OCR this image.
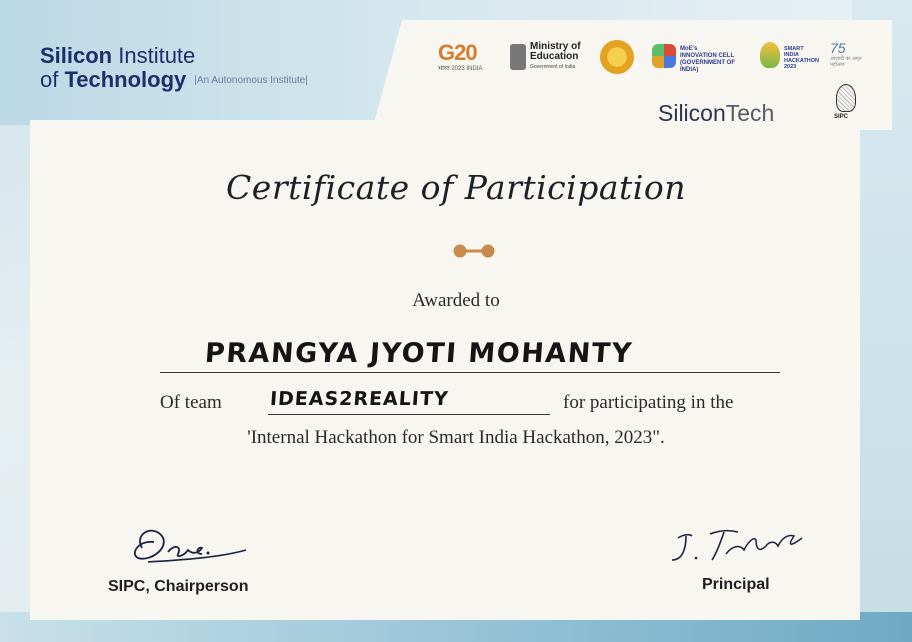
Silicon Institute
of Technology |An Autonomous Institute|
G20
भारत 2023 INDIA
Ministry of
Education
Government of India
MoE's
INNOVATION CELL
(GOVERNMENT OF INDIA)
SMART INDIA
HACKATHON
2023
75
आज़ादी का अमृत महोत्सव
SiliconTech	SIPC
Certificate of Participation
Awarded to
PRANGYA JYOTI MOHANTY
Of team IDEAS2REALITY	for participating in the
'Internal Hackathon for Smart India Hackathon, 2023".
SIPC, Chairperson	Principal
